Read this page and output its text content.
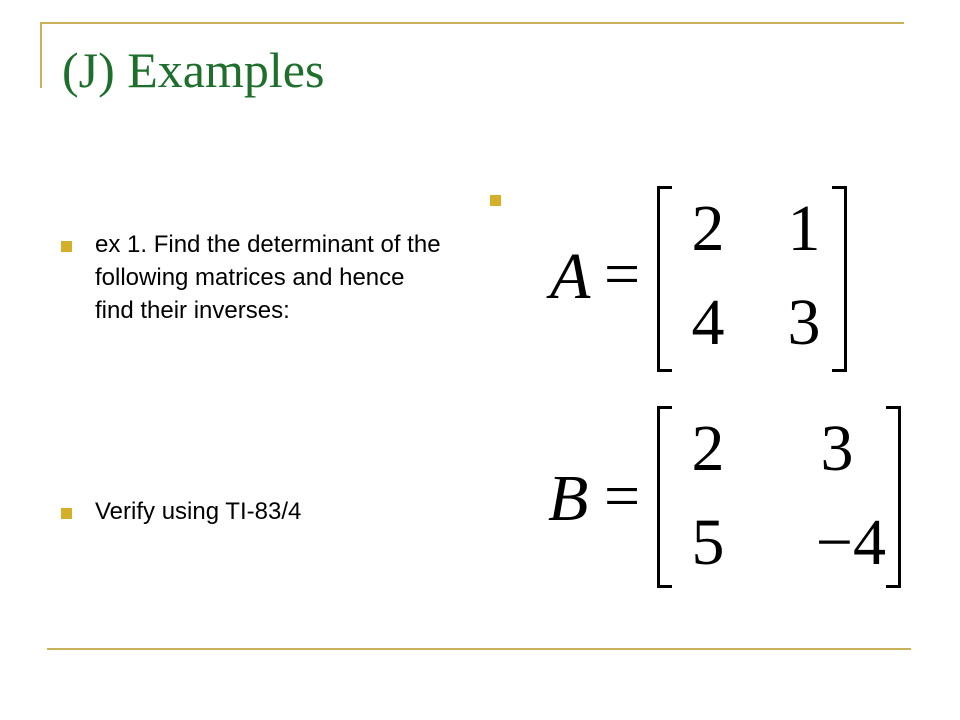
(J) Examples

ex 1. Find the determinant of the following matrices and hence find their inverses:

Verify using TI-83/4

A =
2 1
4 3
B =
2	3
5	−4
